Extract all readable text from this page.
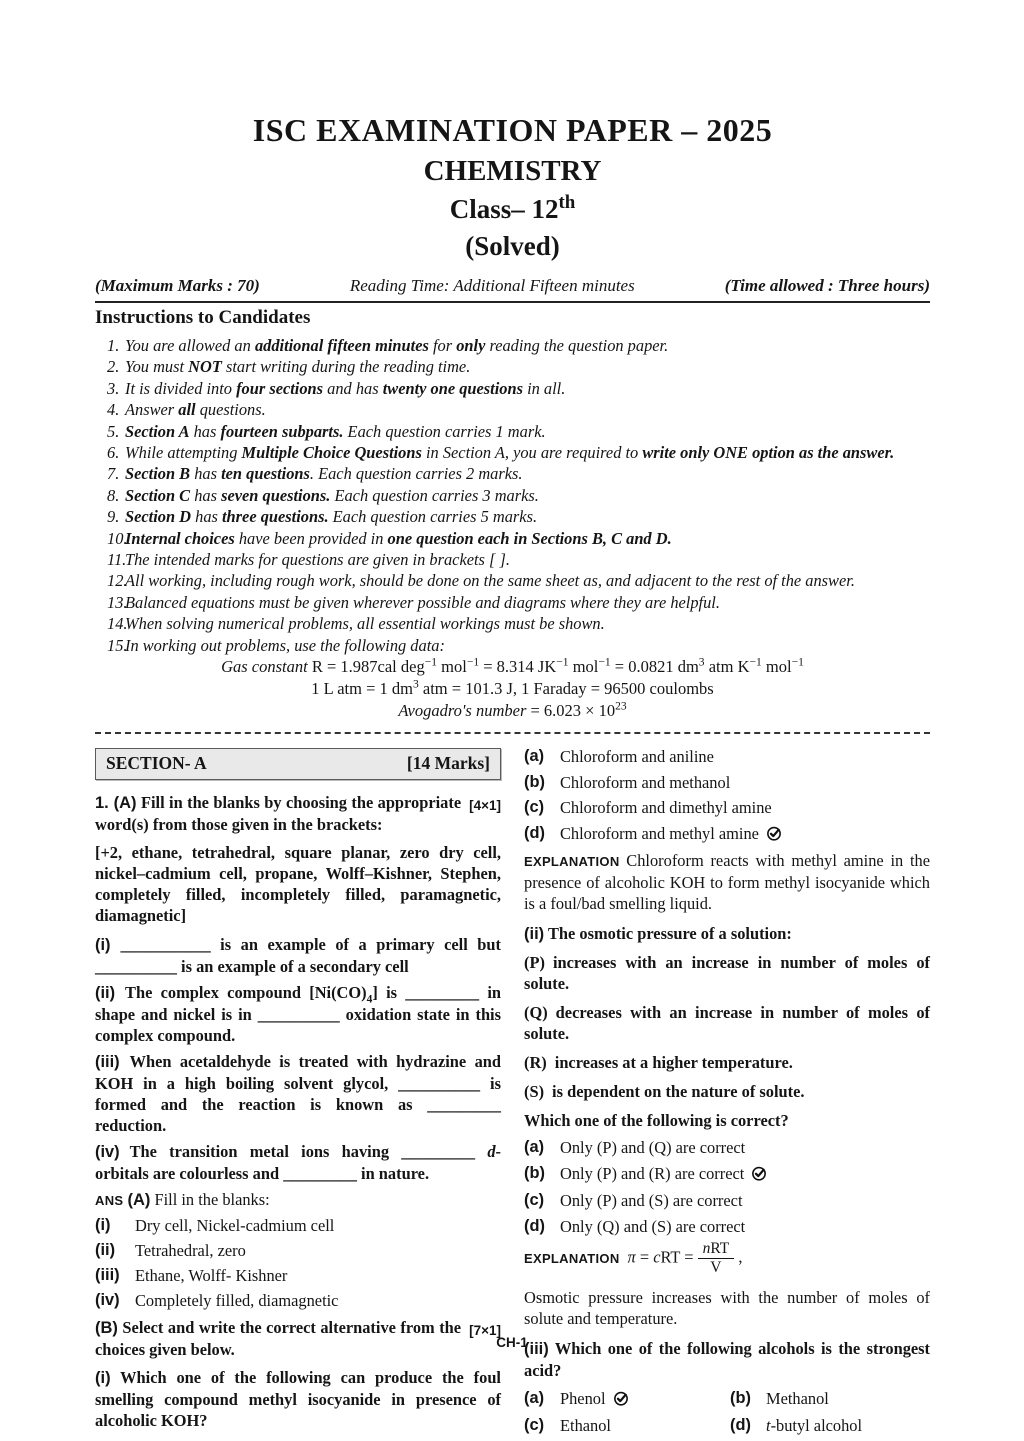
ISC EXAMINATION PAPER – 2025
CHEMISTRY
Class– 12th
(Solved)
(Maximum Marks : 70)	Reading Time: Additional Fifteen minutes	(Time allowed : Three hours)
Instructions to Candidates
1. You are allowed an additional fifteen minutes for only reading the question paper.
2. You must NOT start writing during the reading time.
3. It is divided into four sections and has twenty one questions in all.
4. Answer all questions.
5. Section A has fourteen subparts. Each question carries 1 mark.
6. While attempting Multiple Choice Questions in Section A, you are required to write only ONE option as the answer.
7. Section B has ten questions. Each question carries 2 marks.
8. Section C has seven questions. Each question carries 3 marks.
9. Section D has three questions. Each question carries 5 marks.
10.
Internal choices have been provided in one question each in Sections B, C and D.
11.
The intended marks for questions are given in brackets [ ].
12.
All working, including rough work, should be done on the same sheet as, and adjacent to the rest of the answer.
13.
Balanced equations must be given wherever possible and diagrams where they are helpful.
14.
When solving numerical problems, all essential workings must be shown.
15.
In working out problems, use the following data:
Gas constant R = 1.987cal deg$^{-1}$ mol$^{-1}$ = 8.314 $JK^{-1}$ mol$^{-1}$ = 0.0821 $dm^3$ atm $K^{-1}$ mol$^{-1}$
1 L atm = 1 $dm^3$ atm = 101.3 J, 1 Faraday = 96500 coulombs
Avogadro's number = $6.023 \times 10^{23}$
SECTION- A	[14 Marks]

1. (A)	[4×1]
Fill in the blanks by choosing the appropriate word(s) from those given in the brackets:

[+2, ethane, tetrahedral, square planar, zero dry cell, nickel–cadmium cell, propane, Wolff–Kishner, Stephen, completely filled, incompletely filled, paramagnetic, diamagnetic]

(i) ___________ is an example of a primary cell but __________ is an example of a secondary cell

(ii) The complex compound $[Ni(CO)_4]$ is _________ in shape and nickel is in __________ oxidation state in this complex compound.

(iii) When acetaldehyde is treated with hydrazine and KOH in a high boiling solvent glycol, __________ is formed and the reaction is known as _________ reduction.

(iv) The transition metal ions having _________ d-orbitals are colourless and _________ in nature.

ANS (A) Fill in the blanks:
(i)	Dry cell, Nickel-cadmium cell
(ii)	Tetrahedral, zero
(iii) Ethane, Wolff- Kishner
(iv) Completely filled, diamagnetic

(B)	[7×1]
Select and write the correct alternative from the choices given below.

(i) Which one of the following can produce the foul smelling compound methyl isocyanide in presence of alcoholic KOH?

(a) Chloroform and aniline
(b) Chloroform and methanol
(c) Chloroform and dimethyl amine
(d) Chloroform and methyl amine

EXPLANATION Chloroform reacts with methyl amine in the presence of alcoholic KOH to form methyl isocyanide which is a foul/bad smelling liquid.

(ii) The osmotic pressure of a solution:

(P) increases with an increase in number of moles of solute.

(Q) decreases with an increase in number of moles of solute.

(R) increases at a higher temperature.

(S) is dependent on the nature of solute.

Which one of the following is correct?

(a) Only (P) and (Q) are correct
(b) Only (P) and (R) are correct
(c) Only (P) and (S) are correct
(d) Only (Q) and (S) are correct
EXPLANATION π = cRT = $\frac{\text{nRT}}{V}$ ,

Osmotic pressure increases with the number of moles of solute and temperature.

(iii) Which one of the following alcohols is the strongest acid?

(a) Phenol	(b) Methanol
(c) Ethanol	(d) t-butyl alcohol
CH-1
